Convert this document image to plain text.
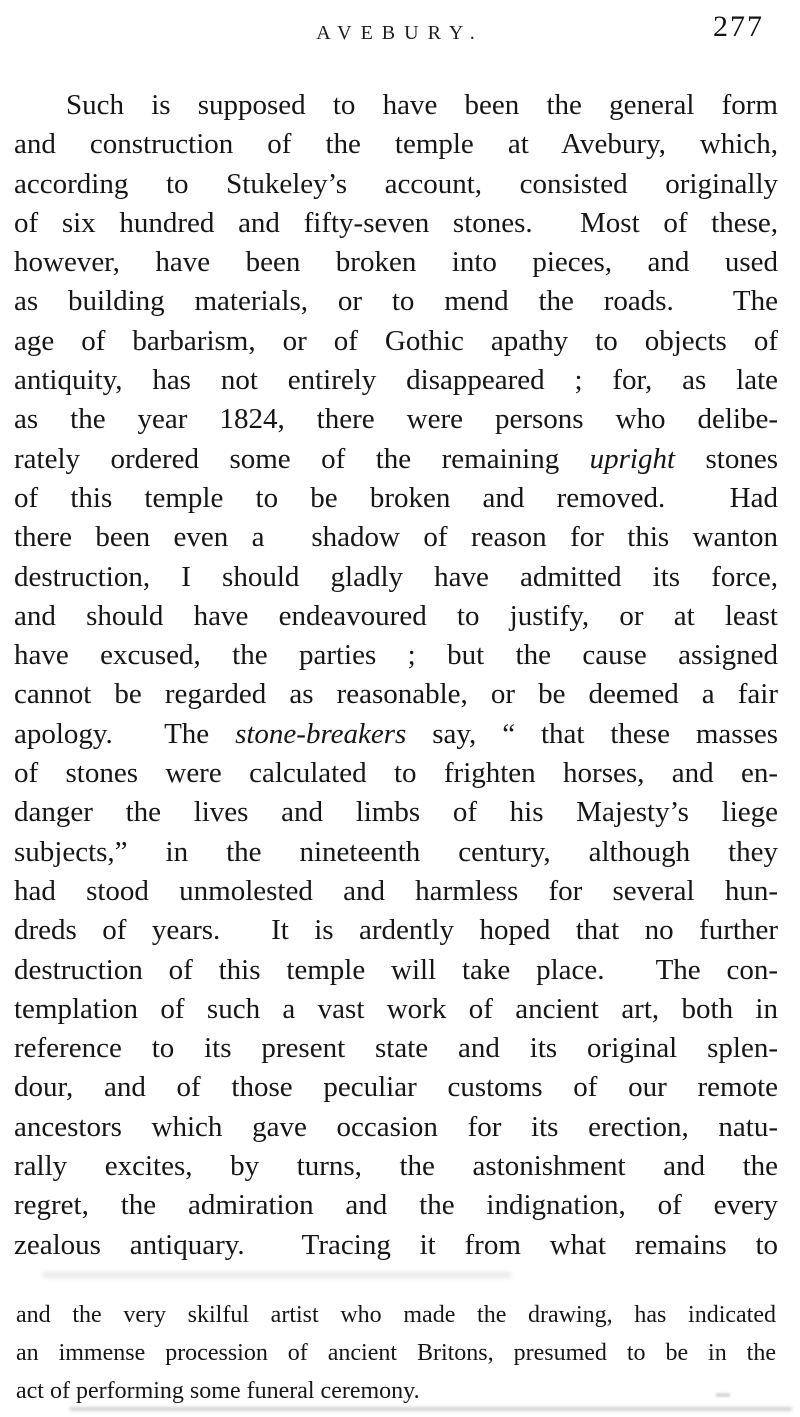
AVEBURY.	277
Such is supposed to have been the general form
and construction of the temple at Avebury, which,
according to Stukeley’s account, consisted originally
of six hundred and fifty-seven stones.  Most of these,
however, have been broken into pieces, and used
as building materials, or to mend the roads.  The
age of barbarism, or of Gothic apathy to objects of
antiquity, has not entirely disappeared ; for, as late
as the year 1824, there were persons who delibe-
rately ordered some of the remaining upright stones
of this temple to be broken and removed.  Had
there been even a  shadow of reason for this wanton
destruction, I should gladly have admitted its force,
and should have endeavoured to justify, or at least
have excused, the parties ; but the cause assigned
cannot be regarded as reasonable, or be deemed a fair
apology.  The stone-breakers say, “ that these masses
of stones were calculated to frighten horses, and en-
danger the lives and limbs of his Majesty’s liege
subjects,” in the nineteenth century, although they
had stood unmolested and harmless for several hun-
dreds of years.  It is ardently hoped that no further
destruction of this temple will take place.  The con-
templation of such a vast work of ancient art, both in
reference to its present state and its original splen-
dour, and of those peculiar customs of our remote
ancestors which gave occasion for its erection, natu-
rally excites, by turns, the astonishment and the
regret, the admiration and the indignation, of every
zealous antiquary.  Tracing it from what remains to
and the very skilful artist who made the drawing, has indicated
an immense procession of ancient Britons, presumed to be in the
act of performing some funeral ceremony.
